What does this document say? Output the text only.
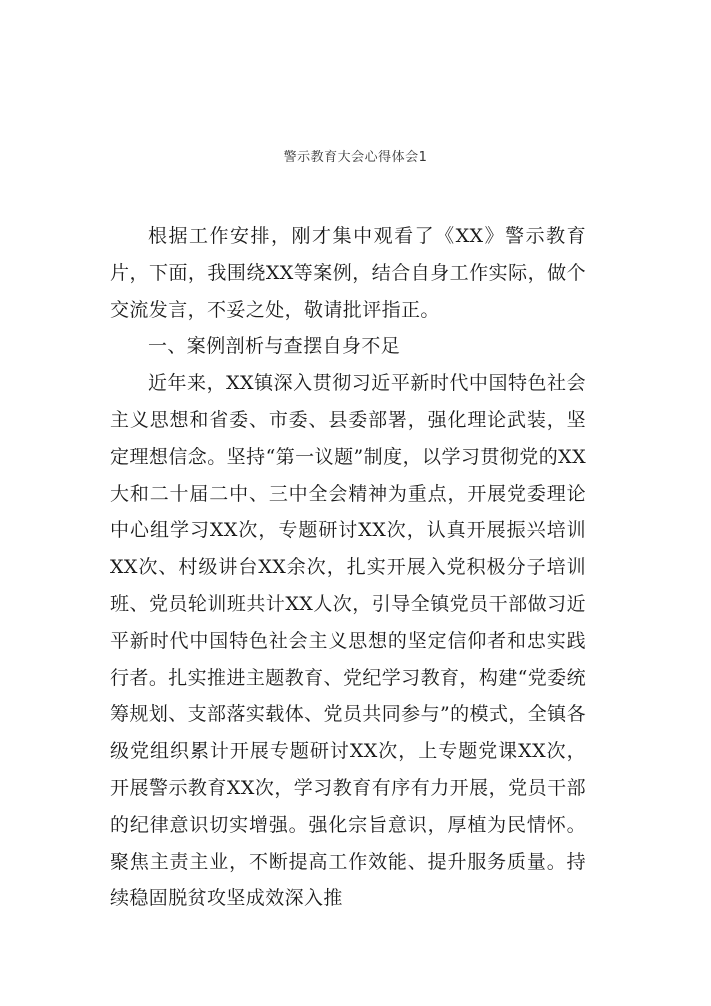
警示教育大会心得体会1

根据工作安排，刚才集中观看了《XX》警示教育片，下面，我围绕XX等案例，结合自身工作实际，做个交流发言，不妥之处，敬请批评指正。

一、案例剖析与查摆自身不足

近年来，XX镇深入贯彻习近平新时代中国特色社会主义思想和省委、市委、县委部署，强化理论武装，坚定理想信念。坚持“第一议题”制度，以学习贯彻党的XX大和二十届二中、三中全会精神为重点，开展党委理论中心组学习XX次，专题研讨XX次，认真开展振兴培训XX次、村级讲台XX余次，扎实开展入党积极分子培训班、党员轮训班共计XX人次，引导全镇党员干部做习近平新时代中国特色社会主义思想的坚定信仰者和忠实践行者。扎实推进主题教育、党纪学习教育，构建“党委统筹规划、支部落实载体、党员共同参与”的模式，全镇各级党组织累计开展专题研讨XX次，上专题党课XX次，开展警示教育XX次，学习教育有序有力开展，党员干部的纪律意识切实增强。强化宗旨意识，厚植为民情怀。聚焦主责主业，不断提高工作效能、提升服务质量。持续稳固脱贫攻坚成效深入推
